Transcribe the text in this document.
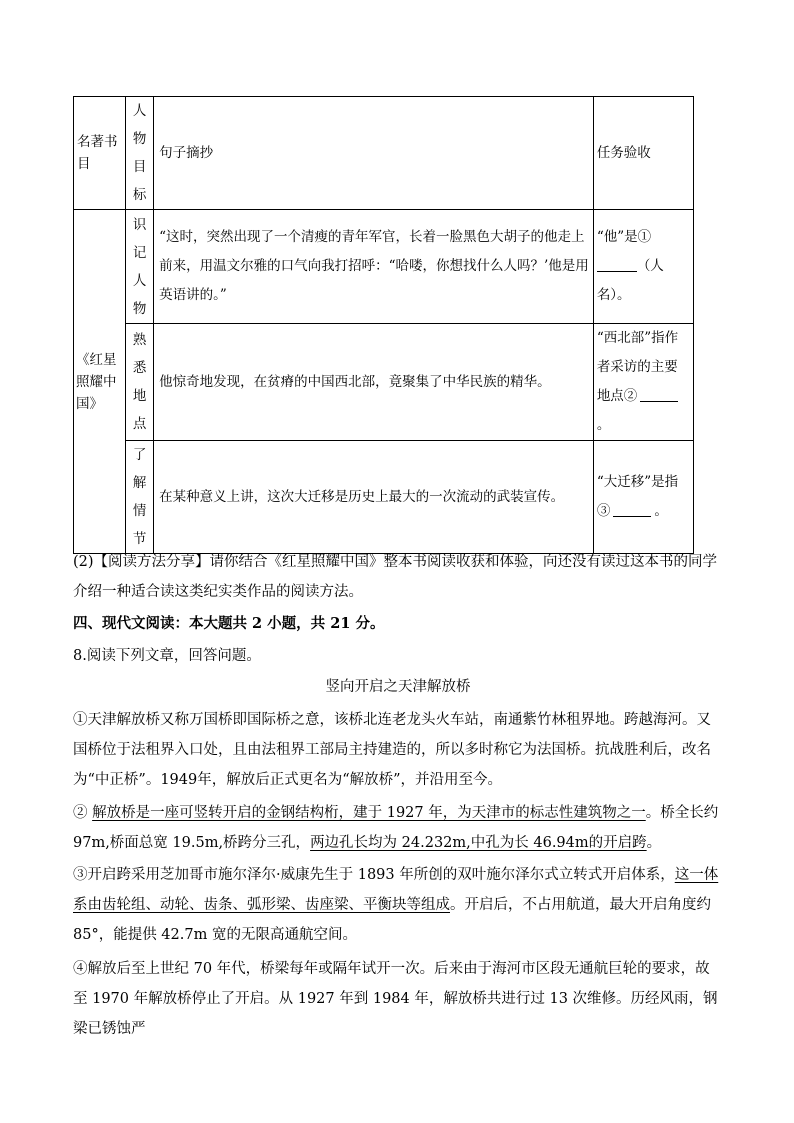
名著书目	人物目标	句子摘抄	任务验收

《红星照耀中国》	识记人物	“这时，突然出现了一个清瘦的青年军官，长着一脸黑色大胡子的他走上前来，用温文尔雅的口气向我打招呼：“哈喽，你想找什么人吗？’他是用英语讲的。”	“他”是①
（人名）。

	熟悉地点	他惊奇地发现，在贫瘠的中国西北部，竟聚集了中华民族的精华。	“西北部”指作者采访的主要地点②。

	了解情节	在某种意义上讲，这次大迁移是历史上最大的一次流动的武装宣传。	“大迁移”是指③ 。
(2)【阅读方法分享】请你结合《红星照耀中国》整本书阅读收获和体验，向还没有读过这本书的同学介绍一种适合读这类纪实类作品的阅读方法。
四、现代文阅读：本大题共 2 小题，共 21 分。
8.阅读下列文章，回答问题。
竖向开启之天津解放桥
①天津解放桥又称万国桥即国际桥之意，该桥北连老龙头火车站，南通紫竹林租界地。跨越海河。又国桥位于法租界入口处，且由法租界工部局主持建造的，所以多时称它为法国桥。抗战胜利后，改名为“中正桥”。1949年，解放后正式更名为“解放桥”，并沿用至今。
② 解放桥是一座可竖转开启的金钢结构桁，建于 1927 年，为天津市的标志性建筑物之一。桥全长约 97m,桥面总宽 19.5m,桥跨分三孔，两边孔长均为 24.232m,中孔为长 46.94m的开启跨。
③开启跨采用芝加哥市施尔泽尔·威康先生于 1893 年所创的双叶施尔泽尔式立转式开启体系，这一体系由齿轮组、动轮、齿条、弧形梁、齿座梁、平衡块等组成。开启后，不占用航道，最大开启角度约 85°，能提供 42.7m 宽的无限高通航空间。
④解放后至上世纪 70 年代，桥梁每年或隔年试开一次。后来由于海河市区段无通航巨轮的要求，故至 1970 年解放桥停止了开启。从 1927 年到 1984 年，解放桥共进行过 13 次维修。历经风雨，钢梁已锈蚀严
